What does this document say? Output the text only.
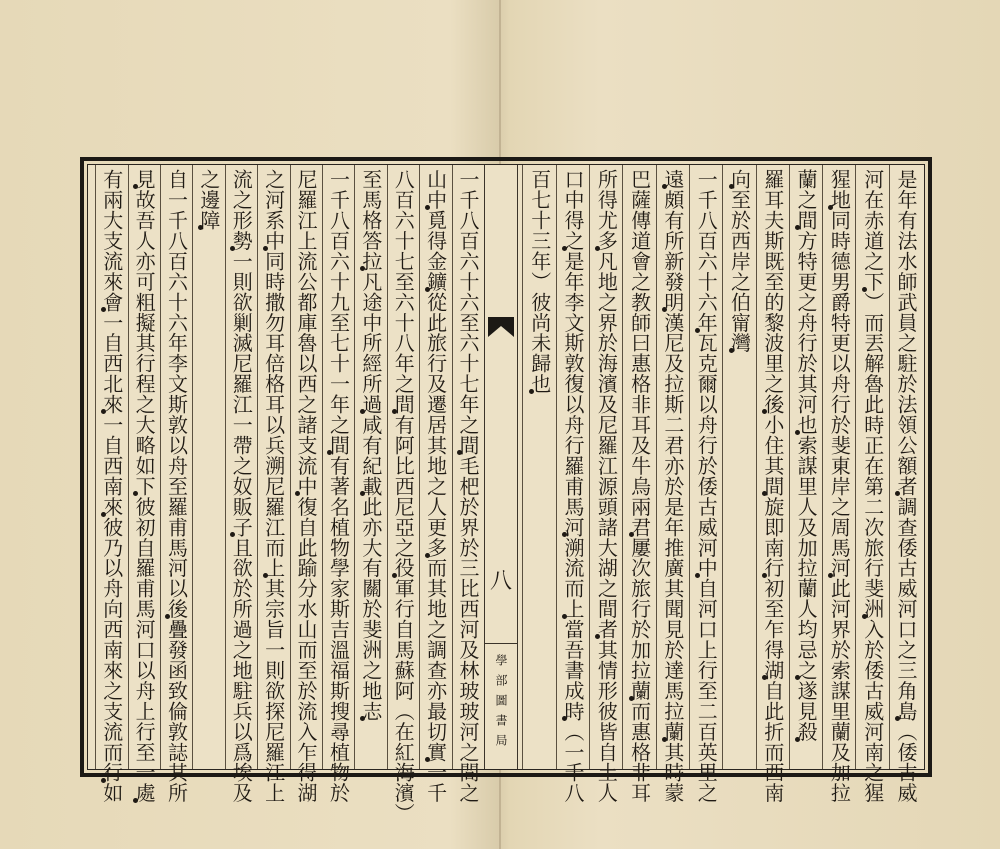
一千八百六十六至六十七年之間毛杷於界於三比西河及林玻玻河之間之
山中覓得金鑛從此旅行及遷居其地之人更多而其地之調查亦最切實一千
八百六十七至六十八年之間有阿比西尼亞之役軍行自馬蘇阿（在紅海濱）
至馬格答拉凡途中所經所過咸有紀載此亦大有關於斐洲之地志
一千八百六十九至七十一年之間有著名植物學家斯吉溫福斯搜尋植物於
尼羅江上流公都庫魯以西之諸支流中復自此踰分水山而至於流入乍得湖
之河系中同時撒勿耳倍格耳以兵溯尼羅江而上其宗旨一則欲探尼羅江上
流之形勢一則欲剿滅尼羅江一帶之奴販子且欲於所過之地駐兵以爲埃及
之邊障
自一千八百六十六年李文斯敦以舟至羅甫馬河以後疊發函致倫敦誌其所
見故吾人亦可粗擬其行程之大略如下彼初自羅甫馬河口以舟上行至一處
有兩大支流來會一自西北來一自西南來彼乃以舟向西南來之支流而行如
八
學部圖書局
是年有法水師武員之駐於法領公額者調查倭古威河口之三角島（倭古威
河在赤道之下）而丟解魯此時正在第二次旅行斐洲入於倭古威河南之猩
猩地同時德男爵特更以舟行於斐東岸之周馬河此河界於索謀里蘭及加拉
蘭之間方特更之舟行於其河也索謀里人及加拉蘭人均忌之遂見殺
羅耳夫斯既至的黎波里之後小住其間旋即南行初至乍得湖自此折而西南
向至於西岸之伯甯灣
一千八百六十六年瓦克爾以舟行於倭古威河中自河口上行至二百英里之
遠頗有所新發明漢尼及拉斯二君亦於是年推廣其聞見於達馬拉蘭其時蒙
巴薩傳道會之教師曰惠格非耳及牛烏兩君屢次旅行於加拉蘭而惠格非耳
所得尤多凡地之界於海濱及尼羅江源頭諸大湖之間者其情形彼皆自土人
口中得之是年李文斯敦復以舟行羅甫馬河溯流而上當吾書成時（一千八
百七十三年）彼尚未歸也
